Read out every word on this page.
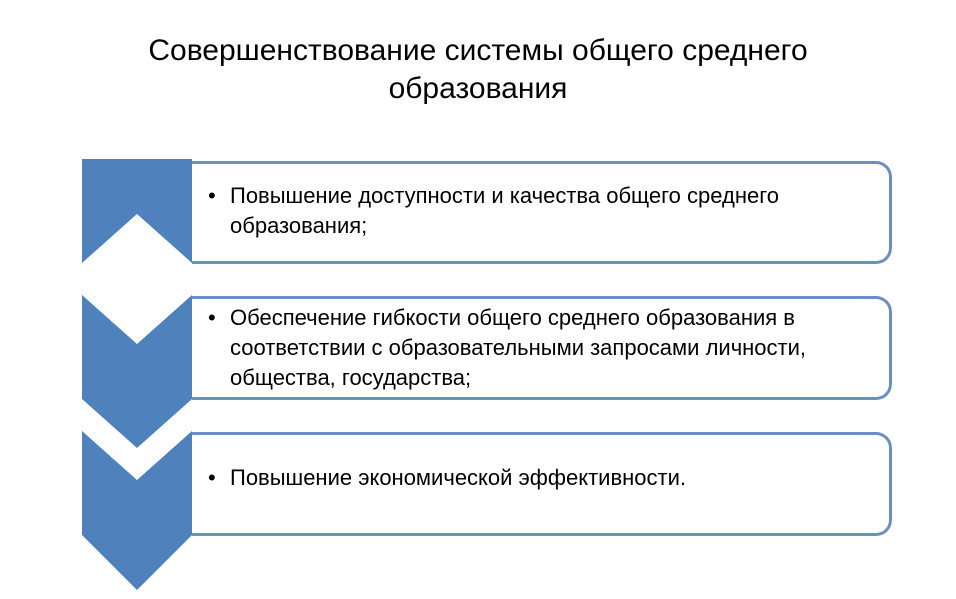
Совершенствование системы общего среднего
образования
• Повышение доступности и качества общего среднего образования;
• Обеспечение гибкости общего среднего образования в соответствии с образовательными запросами личности, общества, государства;
• Повышение экономической эффективности.
